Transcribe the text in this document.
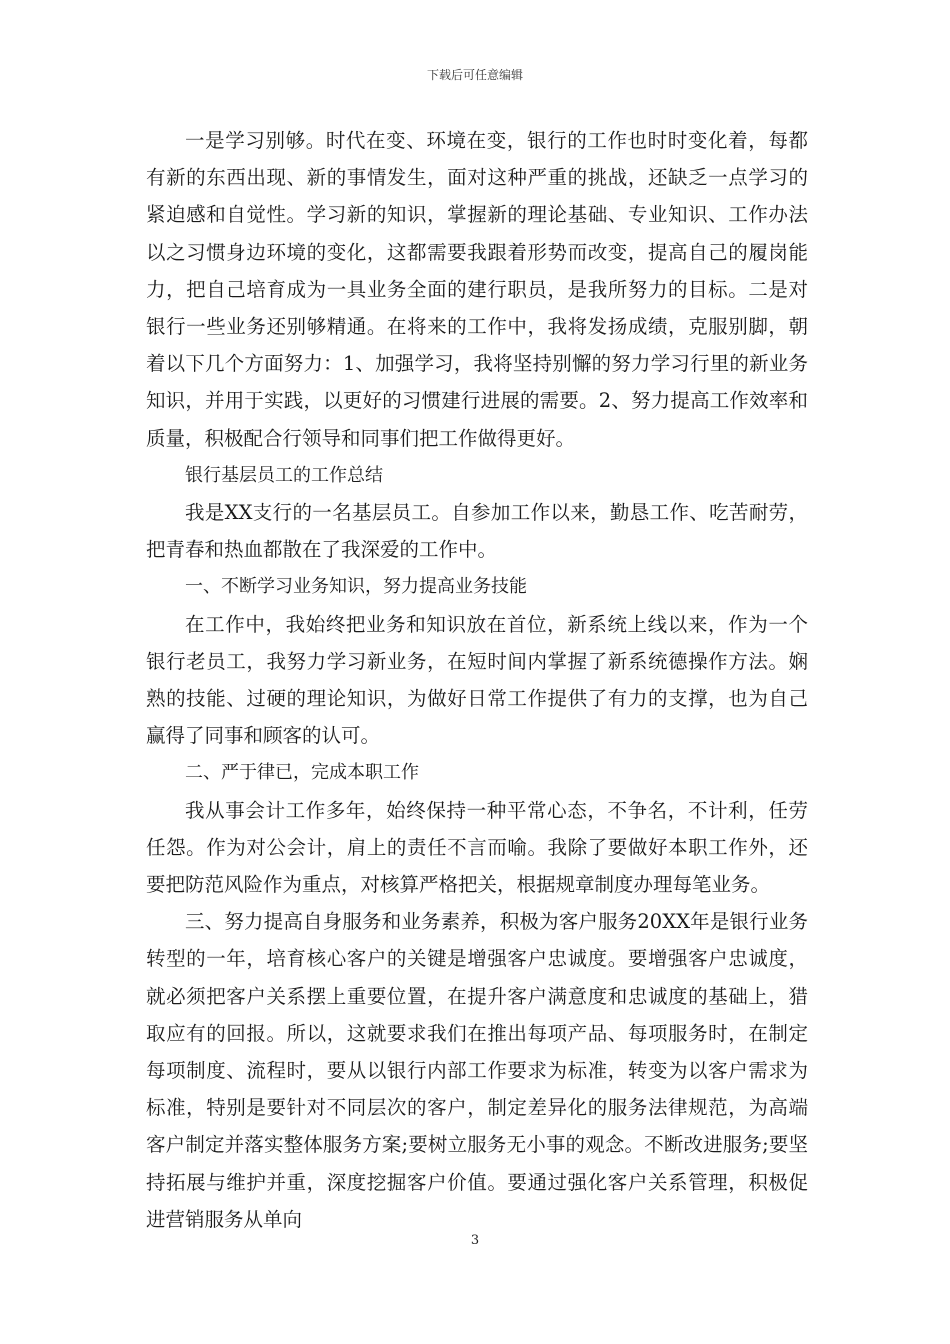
下载后可任意编辑

一是学习别够。时代在变、环境在变，银行的工作也时时变化着，每都有新的东西出现、新的事情发生，面对这种严重的挑战，还缺乏一点学习的紧迫感和自觉性。学习新的知识，掌握新的理论基础、专业知识、工作办法以之习惯身边环境的变化，这都需要我跟着形势而改变，提高自己的履岗能力，把自己培育成为一具业务全面的建行职员，是我所努力的目标。二是对银行一些业务还别够精通。在将来的工作中，我将发扬成绩，克服别脚，朝着以下几个方面努力：1、加强学习，我将坚持别懈的努力学习行里的新业务知识，并用于实践，以更好的习惯建行进展的需要。2、努力提高工作效率和质量，积极配合行领导和同事们把工作做得更好。

银行基层员工的工作总结

我是XX支行的一名基层员工。自参加工作以来，勤恳工作、吃苦耐劳，把青春和热血都散在了我深爱的工作中。

一、不断学习业务知识，努力提高业务技能

在工作中，我始终把业务和知识放在首位，新系统上线以来，作为一个银行老员工，我努力学习新业务，在短时间内掌握了新系统德操作方法。娴熟的技能、过硬的理论知识，为做好日常工作提供了有力的支撑，也为自己赢得了同事和顾客的认可。

二、严于律已，完成本职工作

我从事会计工作多年，始终保持一种平常心态，不争名，不计利，任劳任怨。作为对公会计，肩上的责任不言而喻。我除了要做好本职工作外，还要把防范风险作为重点，对核算严格把关，根据规章制度办理每笔业务。

三、努力提高自身服务和业务素养，积极为客户服务20XX年是银行业务转型的一年，培育核心客户的关键是增强客户忠诚度。要增强客户忠诚度，就必须把客户关系摆上重要位置，在提升客户满意度和忠诚度的基础上，猎取应有的回报。所以，这就要求我们在推出每项产品、每项服务时，在制定每项制度、流程时，要从以银行内部工作要求为标准，转变为以客户需求为标准，特别是要针对不同层次的客户，制定差异化的服务法律规范，为高端客户制定并落实整体服务方案;要树立服务无小事的观念。不断改进服务;要坚持拓展与维护并重，深度挖掘客户价值。要通过强化客户关系管理，积极促进营销服务从单向

3
